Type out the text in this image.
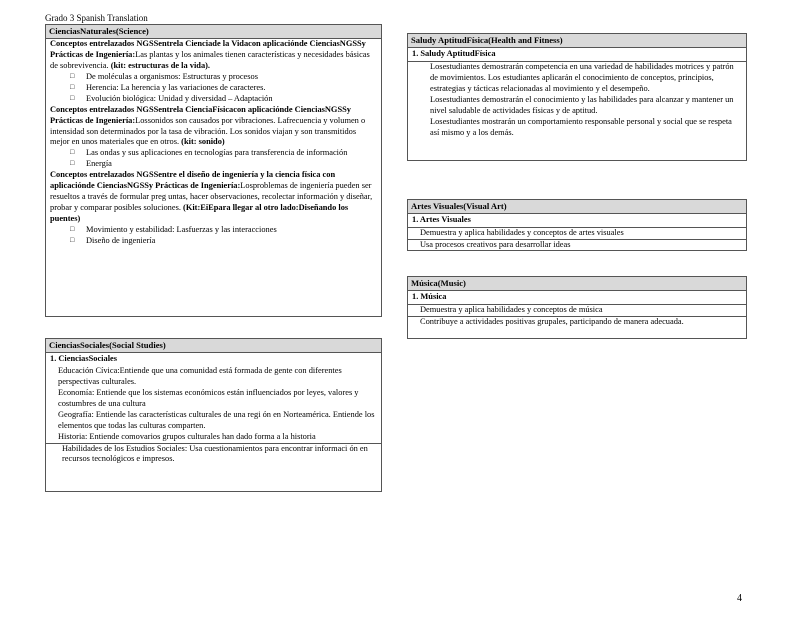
Grado 3 Spanish Translation
CienciasNaturales(Science)
Conceptos entrelazados NGSSentrela Cienciade la Vidacon aplicaciónde CienciasNGSSy Prácticas de Ingeniería:Las plantas y los animales tienen características y necesidades básicas de sobrevivencia. (kit: estructuras de la vida).
□	De moléculas a organismos: Estructuras y procesos
□	Herencia: La herencia y las variaciones de caracteres.
□	Evolución biológica: Unidad y diversidad – Adaptación
Conceptos entrelazados NGSSentrela CienciaFísicacon aplicaciónde CienciasNGSSy Prácticas de Ingeniería:Lossonidos son causados por vibraciones. Lafrecuencia y volumen o intensidad son determinados por la tasa de vibración. Los sonidos viajan y son transmitidos mejor en unos materiales que en otros. (kit: sonido)
□	Las ondas y sus aplicaciones en tecnologías para transferencia de información
□	Energía
Conceptos entrelazados NGSSentre el diseño de ingeniería y la ciencia física con aplicaciónde CienciasNGSSy Prácticas de Ingeniería:Losproblemas de ingeniería pueden ser resueltos a través de formular preg untas, hacer observaciones, recolectar información y diseñar, probar y comparar posibles soluciones. (Kit:EiEpara llegar al otro lado:Diseñando los puentes)
□	Movimiento y estabilidad: Lasfuerzas y las interacciones
□	Diseño de ingeniería
CienciasSociales(Social Studies)
1. CienciasSociales
Educación Cívica:Entiende que una comunidad está formada de gente con diferentes perspectivas culturales.
Economía: Entiende que los sistemas económicos están influenciados por leyes, valores y costumbres de una cultura
Geografía: Entiende las características culturales de una regi ón en Norteamérica. Entiende los elementos que todas las culturas comparten.
Historia: Entiende comovarios grupos culturales han dado forma a la historia
Habilidades de los Estudios Sociales: Usa cuestionamientos para encontrar informaci ón en recursos tecnológicos e impresos.
Saludy AptitudFísica(Health and Fitness)
1. Saludy AptitudFísica
Losestudiantes demostrarán competencia en una variedad de habilidades motrices y patrón de movimientos. Los estudiantes aplicarán el conocimiento de conceptos, principios, estrategias y tácticas relacionadas al movimiento y el desempeño.
Losestudiantes demostrarán el conocimiento y las habilidades para alcanzar y mantener un nivel saludable de actividades físicas y de aptitud.
Losestudiantes mostrarán un comportamiento responsable personal y social que se respeta así mismo y a los demás.
Artes Visuales(Visual Art)
1. Artes Visuales
Demuestra y aplica habilidades y conceptos de artes visuales
Usa procesos creativos para desarrollar ideas
Música(Music)
1. Música
Demuestra y aplica habilidades y conceptos de música
Contribuye a actividades positivas grupales, participando de manera adecuada.
4
